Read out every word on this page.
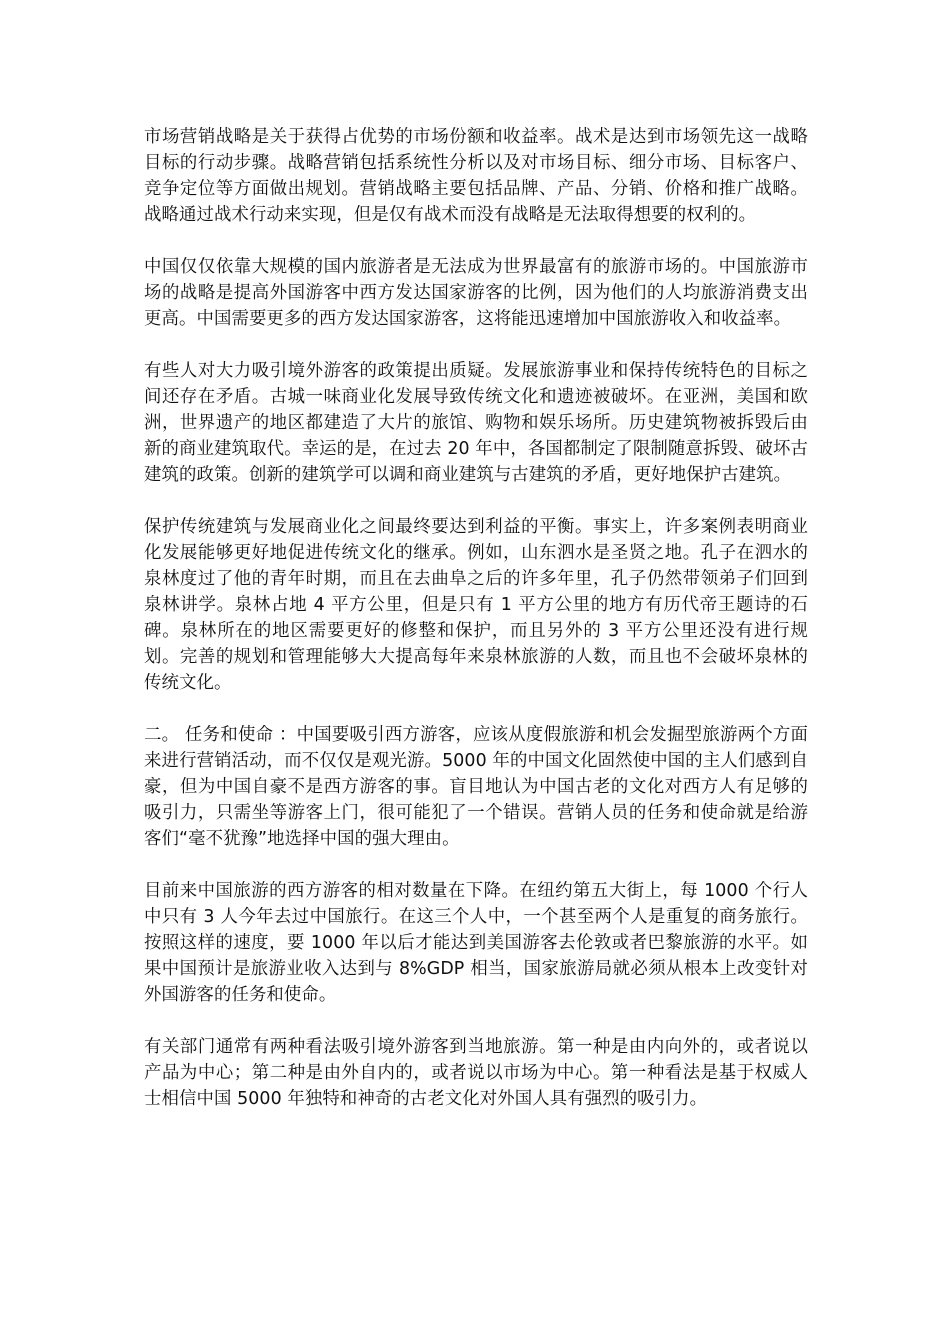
市场营销战略是关于获得占优势的市场份额和收益率。战术是达到市场领先这一战略目标的行动步骤。战略营销包括系统性分析以及对市场目标、细分市场、目标客户、竞争定位等方面做出规划。营销战略主要包括品牌、产品、分销、价格和推广战略。战略通过战术行动来实现，但是仅有战术而没有战略是无法取得想要的权利的。

中国仅仅依靠大规模的国内旅游者是无法成为世界最富有的旅游市场的。中国旅游市场的战略是提高外国游客中西方发达国家游客的比例，因为他们的人均旅游消费支出更高。中国需要更多的西方发达国家游客，这将能迅速增加中国旅游收入和收益率。

有些人对大力吸引境外游客的政策提出质疑。发展旅游事业和保持传统特色的目标之间还存在矛盾。古城一味商业化发展导致传统文化和遗迹被破坏。在亚洲，美国和欧洲，世界遗产的地区都建造了大片的旅馆、购物和娱乐场所。历史建筑物被拆毁后由新的商业建筑取代。幸运的是，在过去 20 年中，各国都制定了限制随意拆毁、破坏古建筑的政策。创新的建筑学可以调和商业建筑与古建筑的矛盾，更好地保护古建筑。

保护传统建筑与发展商业化之间最终要达到利益的平衡。事实上，许多案例表明商业化发展能够更好地促进传统文化的继承。例如，山东泗水是圣贤之地。孔子在泗水的泉林度过了他的青年时期，而且在去曲阜之后的许多年里，孔子仍然带领弟子们回到泉林讲学。泉林占地 4 平方公里，但是只有 1 平方公里的地方有历代帝王题诗的石碑。泉林所在的地区需要更好的修整和保护，而且另外的 3 平方公里还没有进行规划。完善的规划和管理能够大大提高每年来泉林旅游的人数，而且也不会破坏泉林的传统文化。

二。 任务和使命 ：中国要吸引西方游客，应该从度假旅游和机会发掘型旅游两个方面来进行营销活动，而不仅仅是观光游。5000 年的中国文化固然使中国的主人们感到自豪，但为中国自豪不是西方游客的事。盲目地认为中国古老的文化对西方人有足够的吸引力，只需坐等游客上门，很可能犯了一个错误。营销人员的任务和使命就是给游客们“毫不犹豫”地选择中国的强大理由。

目前来中国旅游的西方游客的相对数量在下降。在纽约第五大街上，每 1000 个行人中只有 3 人今年去过中国旅行。在这三个人中，一个甚至两个人是重复的商务旅行。按照这样的速度，要 1000 年以后才能达到美国游客去伦敦或者巴黎旅游的水平。如果中国预计是旅游业收入达到与 8%GDP 相当，国家旅游局就必须从根本上改变针对外国游客的任务和使命。

有关部门通常有两种看法吸引境外游客到当地旅游。第一种是由内向外的，或者说以产品为中心；第二种是由外自内的，或者说以市场为中心。第一种看法是基于权威人士相信中国 5000 年独特和神奇的古老文化对外国人具有强烈的吸引力。
